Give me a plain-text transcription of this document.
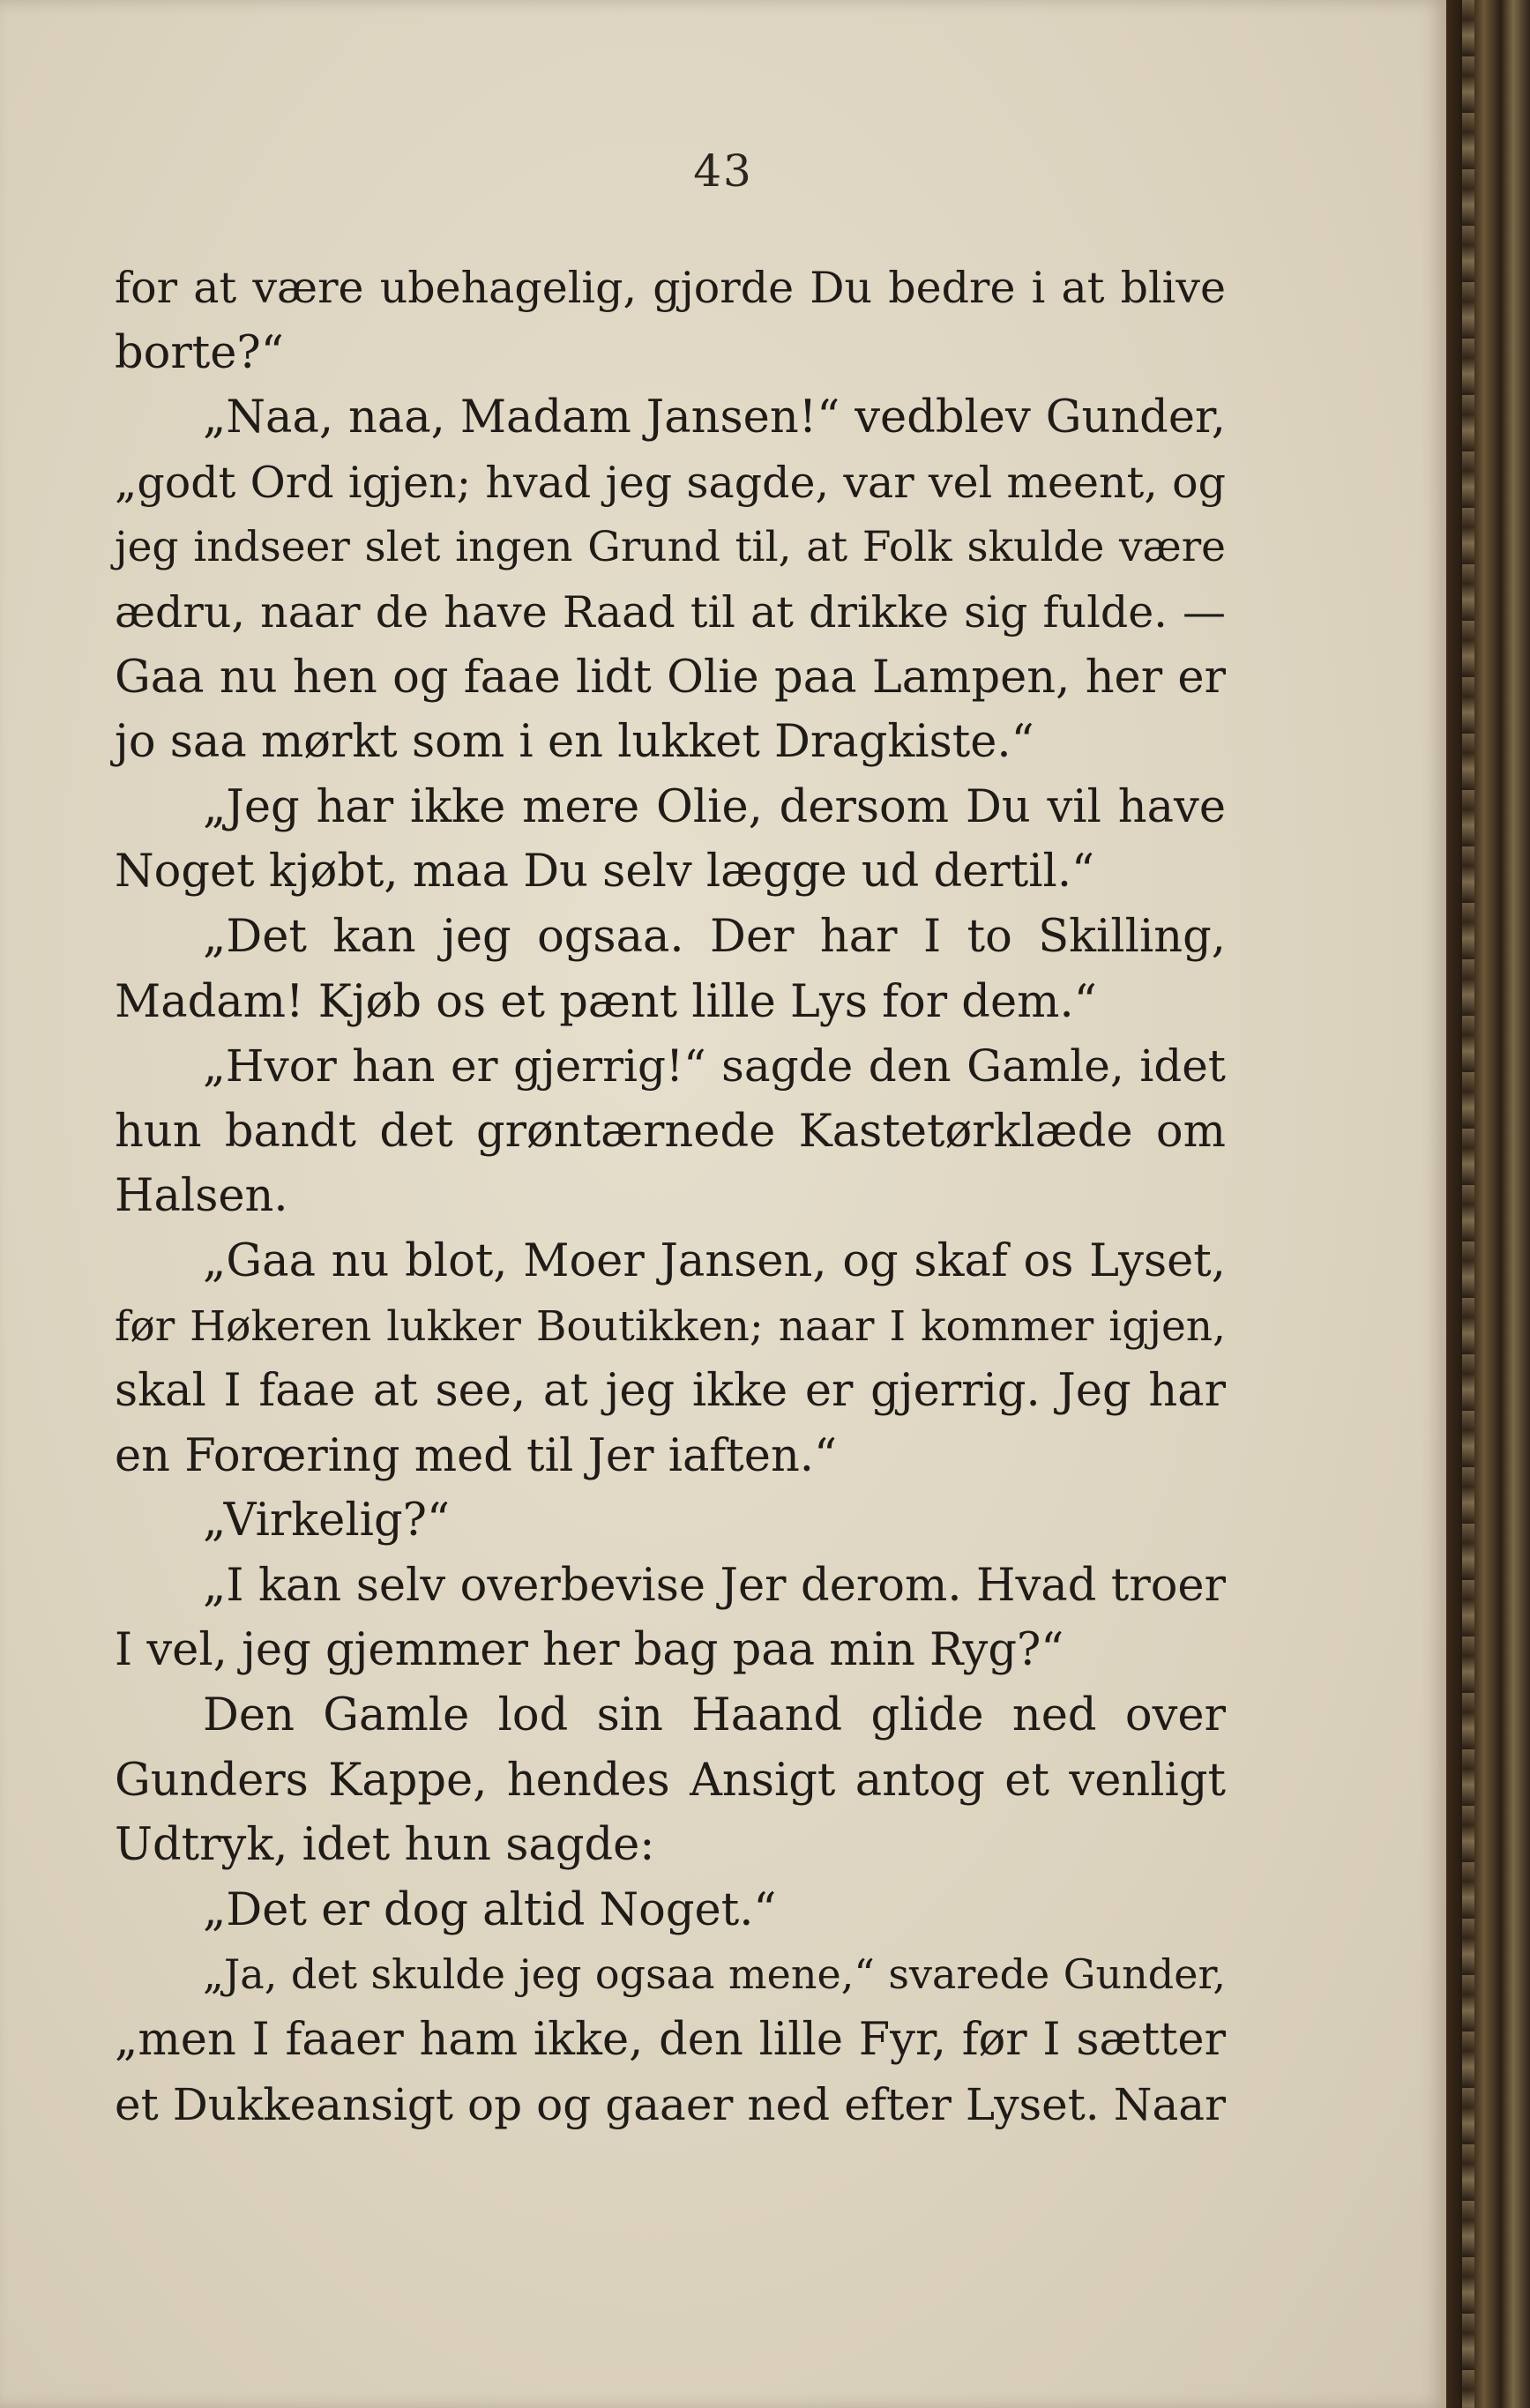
43
for at være ubehagelig, gjorde Du bedre i at blive
borte?“
„Naa, naa, Madam Jansen!“ vedblev Gunder,
„godt Ord igjen; hvad jeg sagde, var vel meent, og
jeg indseer slet ingen Grund til, at Folk skulde være
ædru, naar de have Raad til at drikke sig fulde. —
Gaa nu hen og faae lidt Olie paa Lampen, her er
jo saa mørkt som i en lukket Dragkiste.“
„Jeg har ikke mere Olie, dersom Du vil have
Noget kjøbt, maa Du selv lægge ud dertil.“
„Det kan jeg ogsaa. Der har I to Skilling,
Madam! Kjøb os et pænt lille Lys for dem.“
„Hvor han er gjerrig!“ sagde den Gamle, idet
hun bandt det grøntærnede Kastetørklæde om
Halsen.
„Gaa nu blot, Moer Jansen, og skaf os Lyset,
før Høkeren lukker Boutikken; naar I kommer igjen,
skal I faae at see, at jeg ikke er gjerrig. Jeg har
en Forœring med til Jer iaften.“
„Virkelig?“
„I kan selv overbevise Jer derom. Hvad troer
I vel, jeg gjemmer her bag paa min Ryg?“
Den Gamle lod sin Haand glide ned over
Gunders Kappe, hendes Ansigt antog et venligt
Udtryk, idet hun sagde:
„Det er dog altid Noget.“
„Ja, det skulde jeg ogsaa mene,“ svarede Gunder,
„men I faaer ham ikke, den lille Fyr, før I sætter
et Dukkeansigt op og gaaer ned efter Lyset. Naar
